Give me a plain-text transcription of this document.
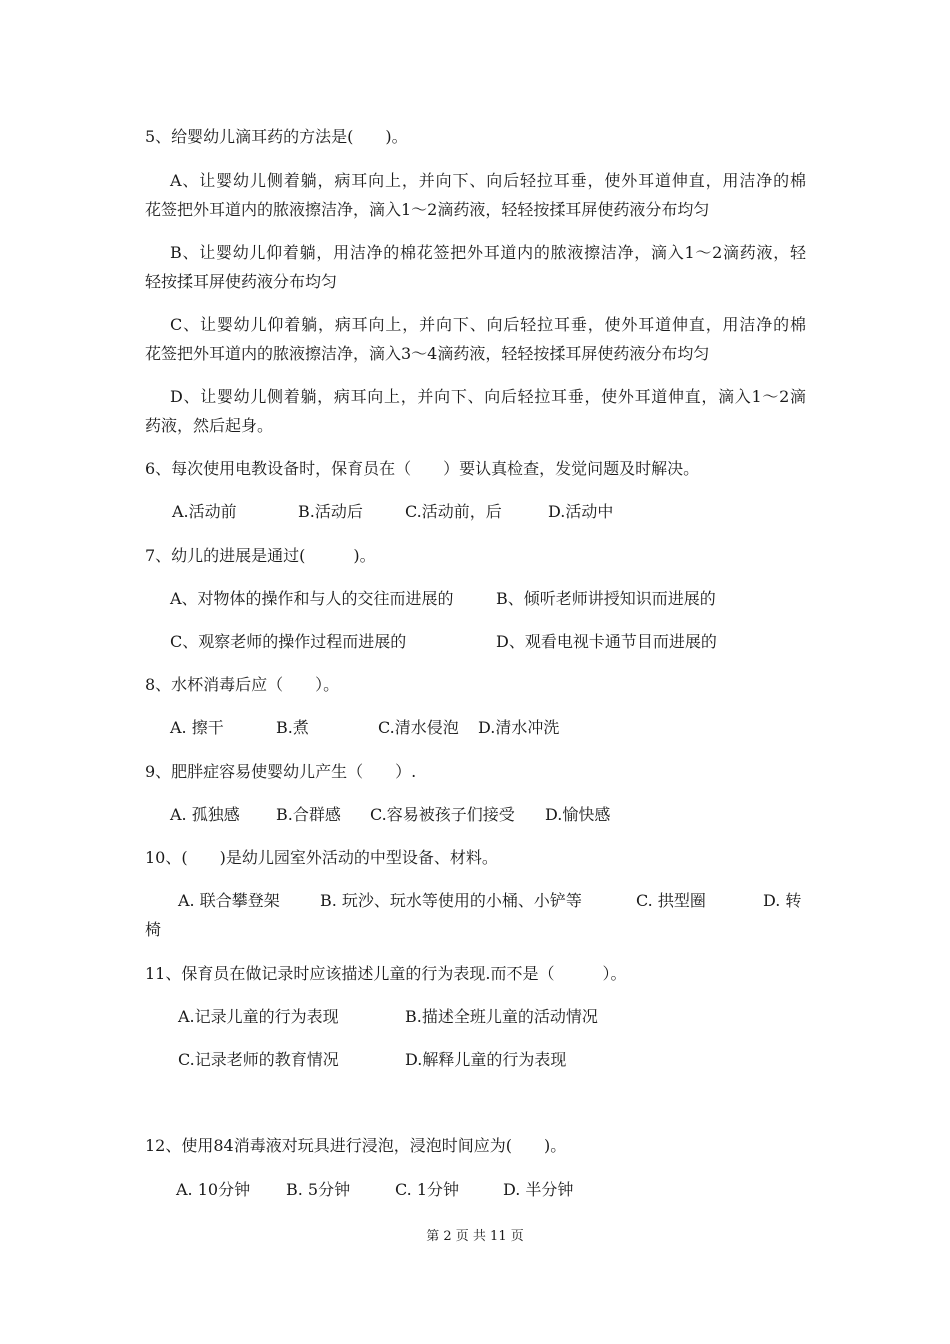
5、给婴幼儿滴耳药的方法是(　　)。
A、让婴幼儿侧着躺，病耳向上，并向下、向后轻拉耳垂，使外耳道伸直，用洁净的棉
花签把外耳道内的脓液擦洁净，滴入1～2滴药液，轻轻按揉耳屏使药液分布均匀
B、让婴幼儿仰着躺，用洁净的棉花签把外耳道内的脓液擦洁净，滴入1～2滴药液，轻
轻按揉耳屏使药液分布均匀
C、让婴幼儿仰着躺，病耳向上，并向下、向后轻拉耳垂，使外耳道伸直，用洁净的棉
花签把外耳道内的脓液擦洁净，滴入3～4滴药液，轻轻按揉耳屏使药液分布均匀
D、让婴幼儿侧着躺，病耳向上，并向下、向后轻拉耳垂，使外耳道伸直，滴入1～2滴
药液，然后起身。
6、每次使用电教设备时，保育员在（　　）要认真检查，发觉问题及时解决。
A.活动前	B.活动后	C.活动前，后	D.活动中
7、幼儿的进展是通过(　　　)。
A、对物体的操作和与人的交往而进展的	B、倾听老师讲授知识而进展的
C、观察老师的操作过程而进展的	D、观看电视卡通节目而进展的
8、水杯消毒后应（　　）。
A. 擦干	B.煮	C.清水侵泡 D.清水冲洗
9、肥胖症容易使婴幼儿产生（　　）.
A. 孤独感 B.合群感 C.容易被孩子们接受 D.愉快感
10、(　　)是幼儿园室外活动的中型设备、材料。
A. 联合攀登架	B. 玩沙、玩水等使用的小桶、小铲等	C. 拱型圈	D. 转
椅
11、保育员在做记录时应该描述儿童的行为表现.而不是（　　　）。
A.记录儿童的行为表现	B.描述全班儿童的活动情况
C.记录老师的教育情况	D.解释儿童的行为表现
12、使用84消毒液对玩具进行浸泡，浸泡时间应为(　　)。
A. 10分钟 B. 5分钟	C. 1分钟	D. 半分钟
第 2 页 共 11 页
